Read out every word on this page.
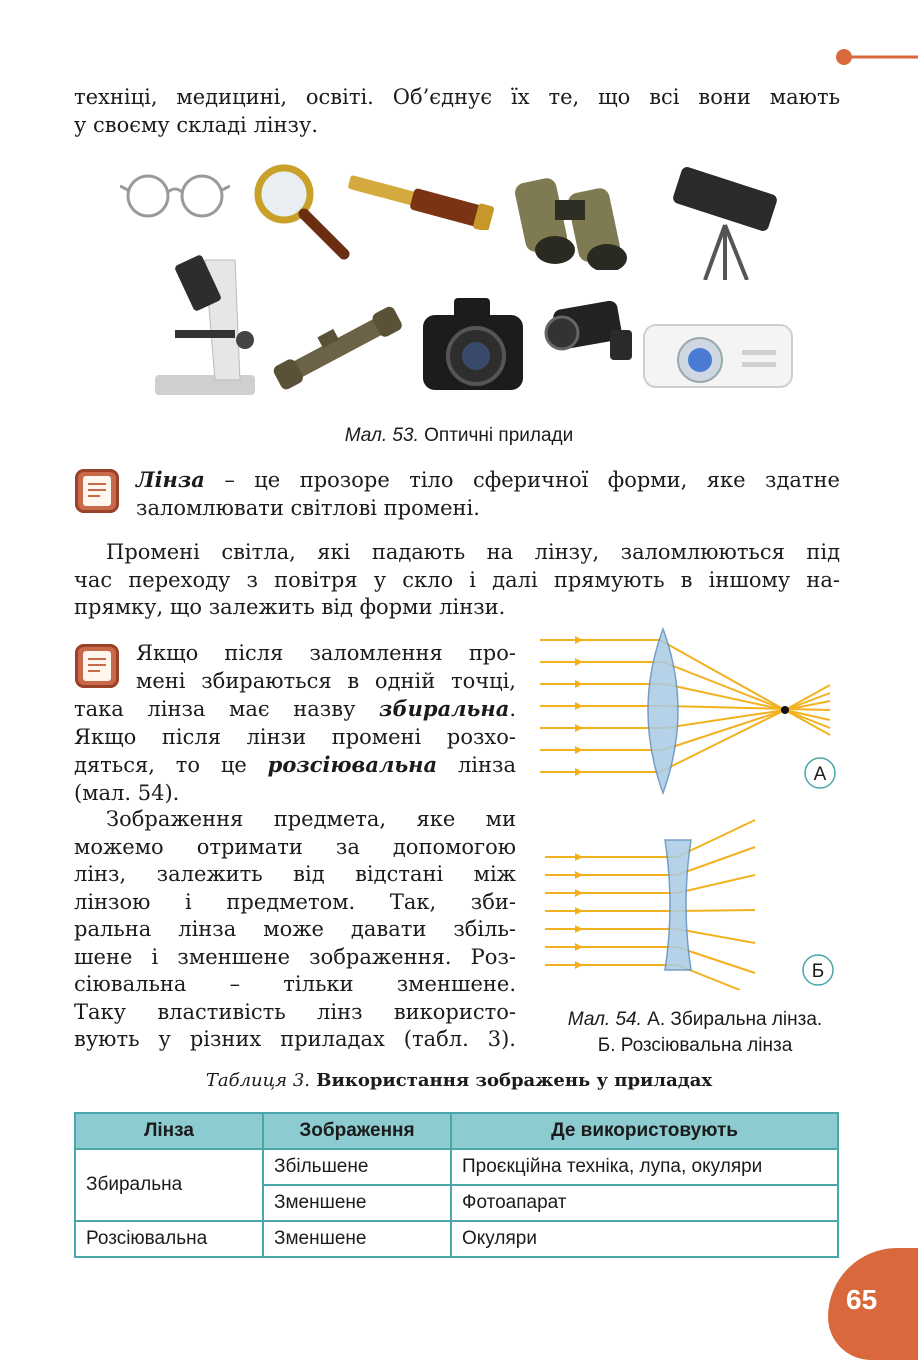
техніці, медицині, освіті. Об’єднує їх те, що всі вони мають

у своєму складі лінзу.

Мал. 53. Оптичні прилади

Лінза – це прозоре тіло сферичної форми, яке здатне

заломлювати світлові промені.

Промені світла, які падають на лінзу, заломлюються під

час переходу з повітря у скло і далі прямують в іншому на-

прямку, що залежить від форми лінзи.

Якщо після заломлення про-

мені збираються в одній точці,

така лінза має назву збиральна.

Якщо після лінзи промені розхо-

дяться, то це розсіювальна лінза

(мал. 54).

Зображення предмета, яке ми

можемо отримати за допомогою

лінз, залежить від відстані між

лінзою і предметом. Так, зби-

ральна лінза може давати збіль-

шене і зменшене зображення. Роз-

сіювальна – тільки зменшене.

Таку властивість лінз використо-

вують у різних приладах (табл. 3).

А
Б
Мал. 54. А. Збиральна лінза.
Б. Розсіювальна лінза
Таблиця 3. Використання зображень у приладах
Лінза	Зображення	Де використовують
Збиральна	Збільшене	Проєкційна техніка, лупа, окуляри
	Зменшене	Фотоапарат
Розсіювальна	Зменшене	Окуляри
65
